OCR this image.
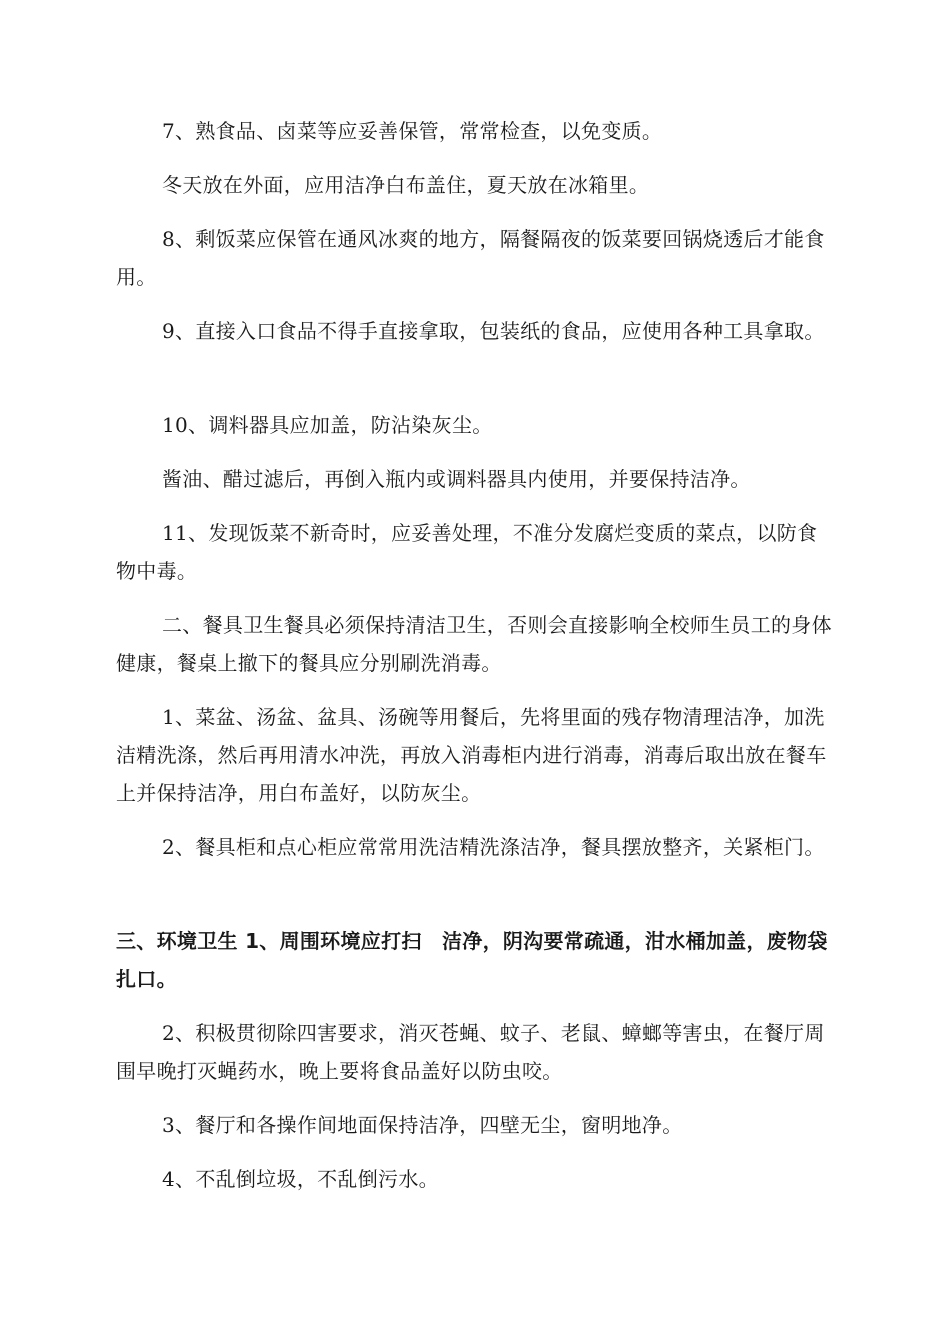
7、熟食品、卤菜等应妥善保管，常常检查，以免变质。

冬天放在外面，应用洁净白布盖住，夏天放在冰箱里。

8、剩饭菜应保管在通风冰爽的地方，隔餐隔夜的饭菜要回锅烧透后才能食用。

9、直接入口食品不得手直接拿取，包装纸的食品，应使用各种工具拿取。

10、调料器具应加盖，防沾染灰尘。

酱油、醋过滤后，再倒入瓶内或调料器具内使用，并要保持洁净。

11、发现饭菜不新奇时，应妥善处理，不准分发腐烂变质的菜点，以防食物中毒。

二、餐具卫生餐具必须保持清洁卫生，否则会直接影响全校师生员工的身体健康，餐桌上撤下的餐具应分别刷洗消毒。

1、菜盆、汤盆、盆具、汤碗等用餐后，先将里面的残存物清理洁净，加洗洁精洗涤，然后再用清水冲洗，再放入消毒柜内进行消毒，消毒后取出放在餐车上并保持洁净，用白布盖好，以防灰尘。

2、餐具柜和点心柜应常常用洗洁精洗涤洁净，餐具摆放整齐，关紧柜门。

三、环境卫生 1、周围环境应打扫　洁净，阴沟要常疏通，泔水桶加盖，废物袋扎口。

2、积极贯彻除四害要求，消灭苍蝇、蚊子、老鼠、蟑螂等害虫，在餐厅周围早晚打灭蝇药水，晚上要将食品盖好以防虫咬。

3、餐厅和各操作间地面保持洁净，四壁无尘，窗明地净。

4、不乱倒垃圾，不乱倒污水。
